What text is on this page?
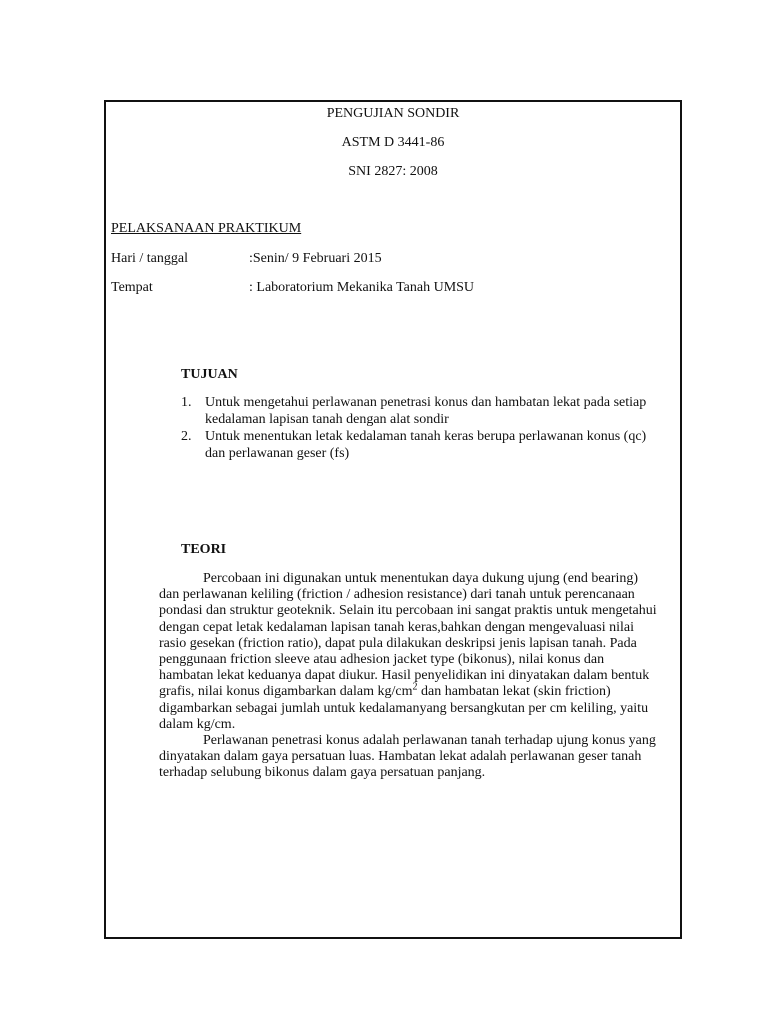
PENGUJIAN SONDIR
ASTM D 3441-86
SNI 2827: 2008
PELAKSANAAN PRAKTIKUM
Hari / tanggal	:Senin/ 9 Februari 2015
Tempat	: Laboratorium Mekanika Tanah UMSU
TUJUAN
1. Untuk mengetahui perlawanan penetrasi konus dan hambatan lekat pada setiap kedalaman lapisan tanah dengan alat sondir
2. Untuk menentukan letak kedalaman tanah keras berupa perlawanan konus (qc) dan perlawanan geser (fs)
TEORI

Percobaan ini digunakan untuk menentukan daya dukung ujung (end bearing) dan perlawanan keliling (friction / adhesion resistance) dari tanah untuk perencanaan pondasi dan struktur geoteknik. Selain itu percobaan ini sangat praktis untuk mengetahui dengan cepat letak kedalaman lapisan tanah keras,bahkan dengan mengevaluasi nilai rasio gesekan (friction ratio), dapat pula dilakukan deskripsi jenis lapisan tanah. Pada penggunaan friction sleeve atau adhesion jacket type (bikonus), nilai konus dan hambatan lekat keduanya dapat diukur. Hasil penyelidikan ini dinyatakan dalam bentuk grafis, nilai konus digambarkan dalam $kg/cm^2$ dan hambatan lekat (skin friction) digambarkan sebagai jumlah untuk kedalamanyang bersangkutan per cm keliling, yaitu dalam kg/cm.

Perlawanan penetrasi konus adalah perlawanan tanah terhadap ujung konus yang dinyatakan dalam gaya persatuan luas. Hambatan lekat adalah perlawanan geser tanah terhadap selubung bikonus dalam gaya persatuan panjang.
